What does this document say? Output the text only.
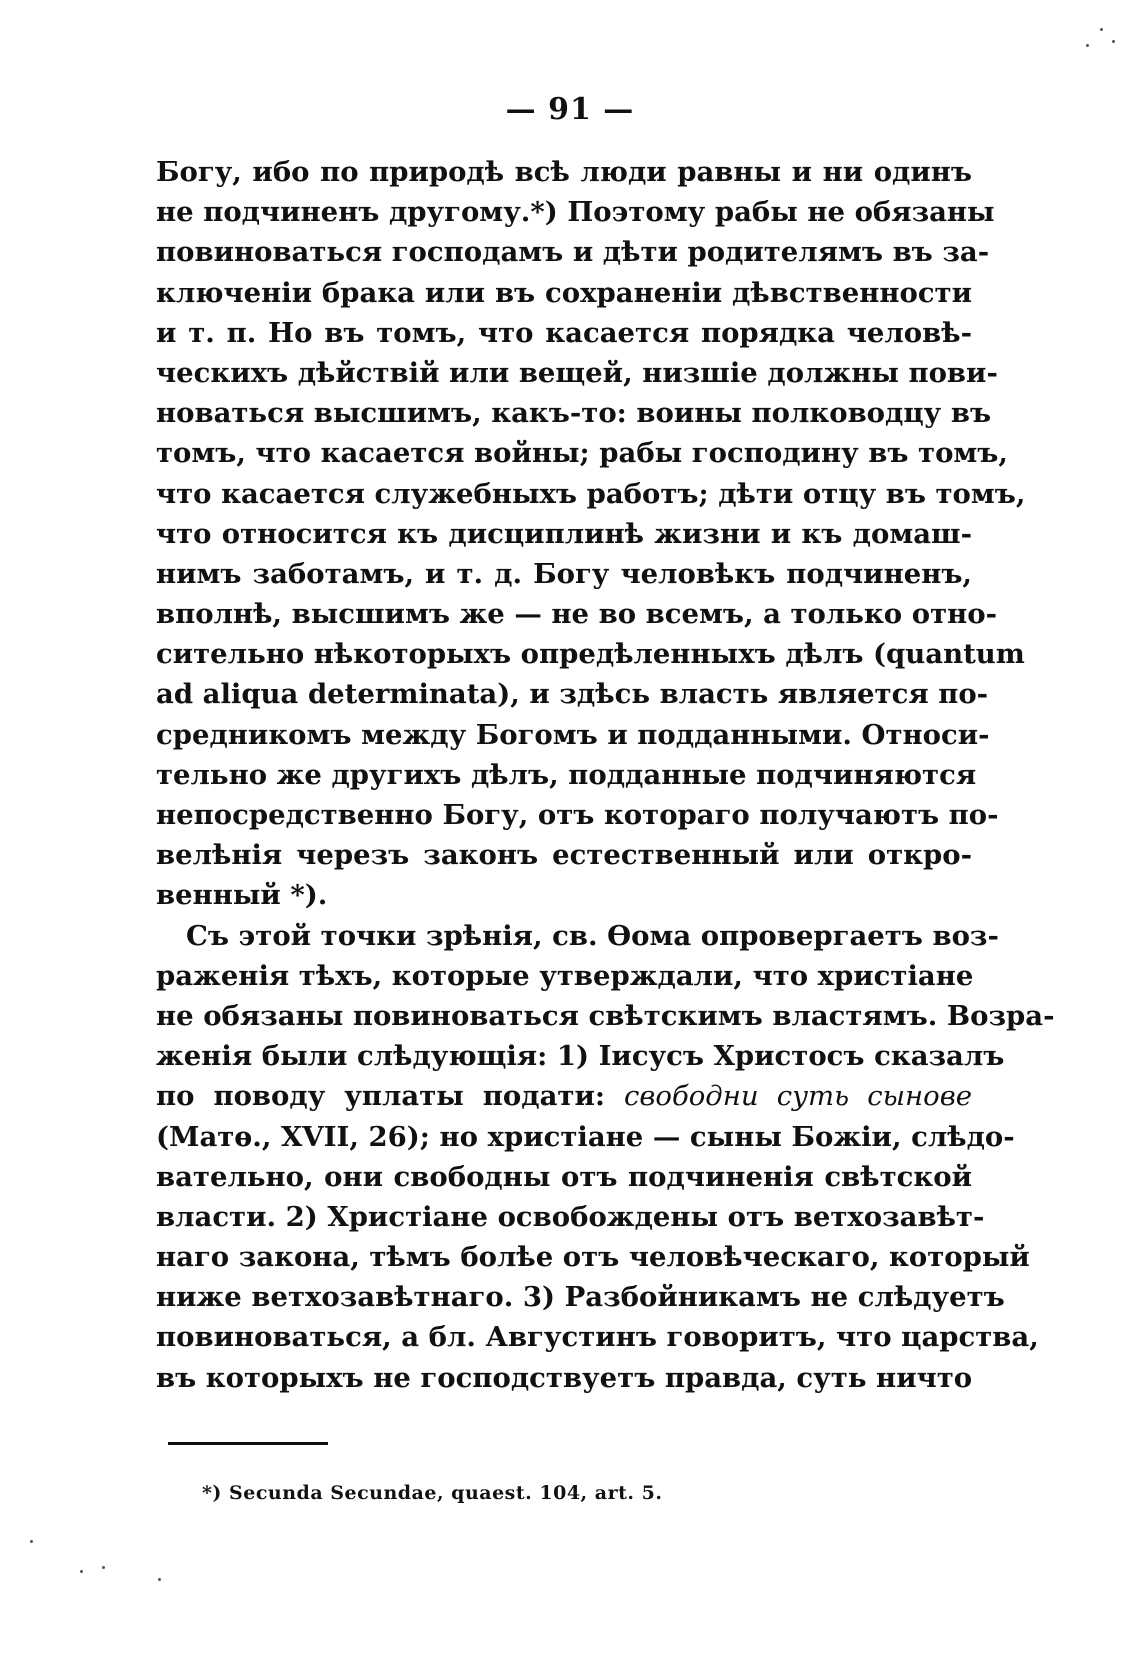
— 91 —
Богу, ибо по природѣ всѣ люди равны и ни одинъ
не подчиненъ другому.*) Поэтому рабы не обязаны
повиноваться господамъ и дѣти родителямъ въ за-
ключеніи брака или въ сохраненіи дѣвственности
и т. п. Но въ томъ, что касается порядка человѣ-
ческихъ дѣйствій или вещей, низшіе должны пови-
новаться высшимъ, какъ-то: воины полководцу въ
томъ, что касается войны; рабы господину въ томъ,
что касается служебныхъ работъ; дѣти отцу въ томъ,
что относится къ дисциплинѣ жизни и къ домаш-
нимъ заботамъ, и т. д. Богу человѣкъ подчиненъ,
вполнѣ, высшимъ же — не во всемъ, а только отно-
сительно нѣкоторыхъ опредѣленныхъ дѣлъ (quantum
ad aliqua determinata), и здѣсь власть является по-
средникомъ между Богомъ и подданными. Относи-
тельно же другихъ дѣлъ, подданные подчиняются
непосредственно Богу, отъ котораго получаютъ по-
велѣнія черезъ законъ естественный или откро-
венный *).
Съ этой точки зрѣнія, св. Ѳома опровергаетъ воз-
раженія тѣхъ, которые утверждали, что христіане
не обязаны повиноваться свѣтскимъ властямъ. Возра-
женія были слѣдующія: 1) Іисусъ Христосъ сказалъ
по поводу уплаты подати: свободни суть сынове
(Матѳ., XVII, 26); но христіане — сыны Божіи, слѣдо-
вательно, они свободны отъ подчиненія свѣтской
власти. 2) Христіане освобождены отъ ветхозавѣт-
наго закона, тѣмъ болѣе отъ человѣческаго, который
ниже ветхозавѣтнаго. 3) Разбойникамъ не слѣдуетъ
повиноваться, а бл. Августинъ говоритъ, что царства,
въ которыхъ не господствуетъ правда, суть ничто
*) Secunda Secundae, quaest. 104, art. 5.
